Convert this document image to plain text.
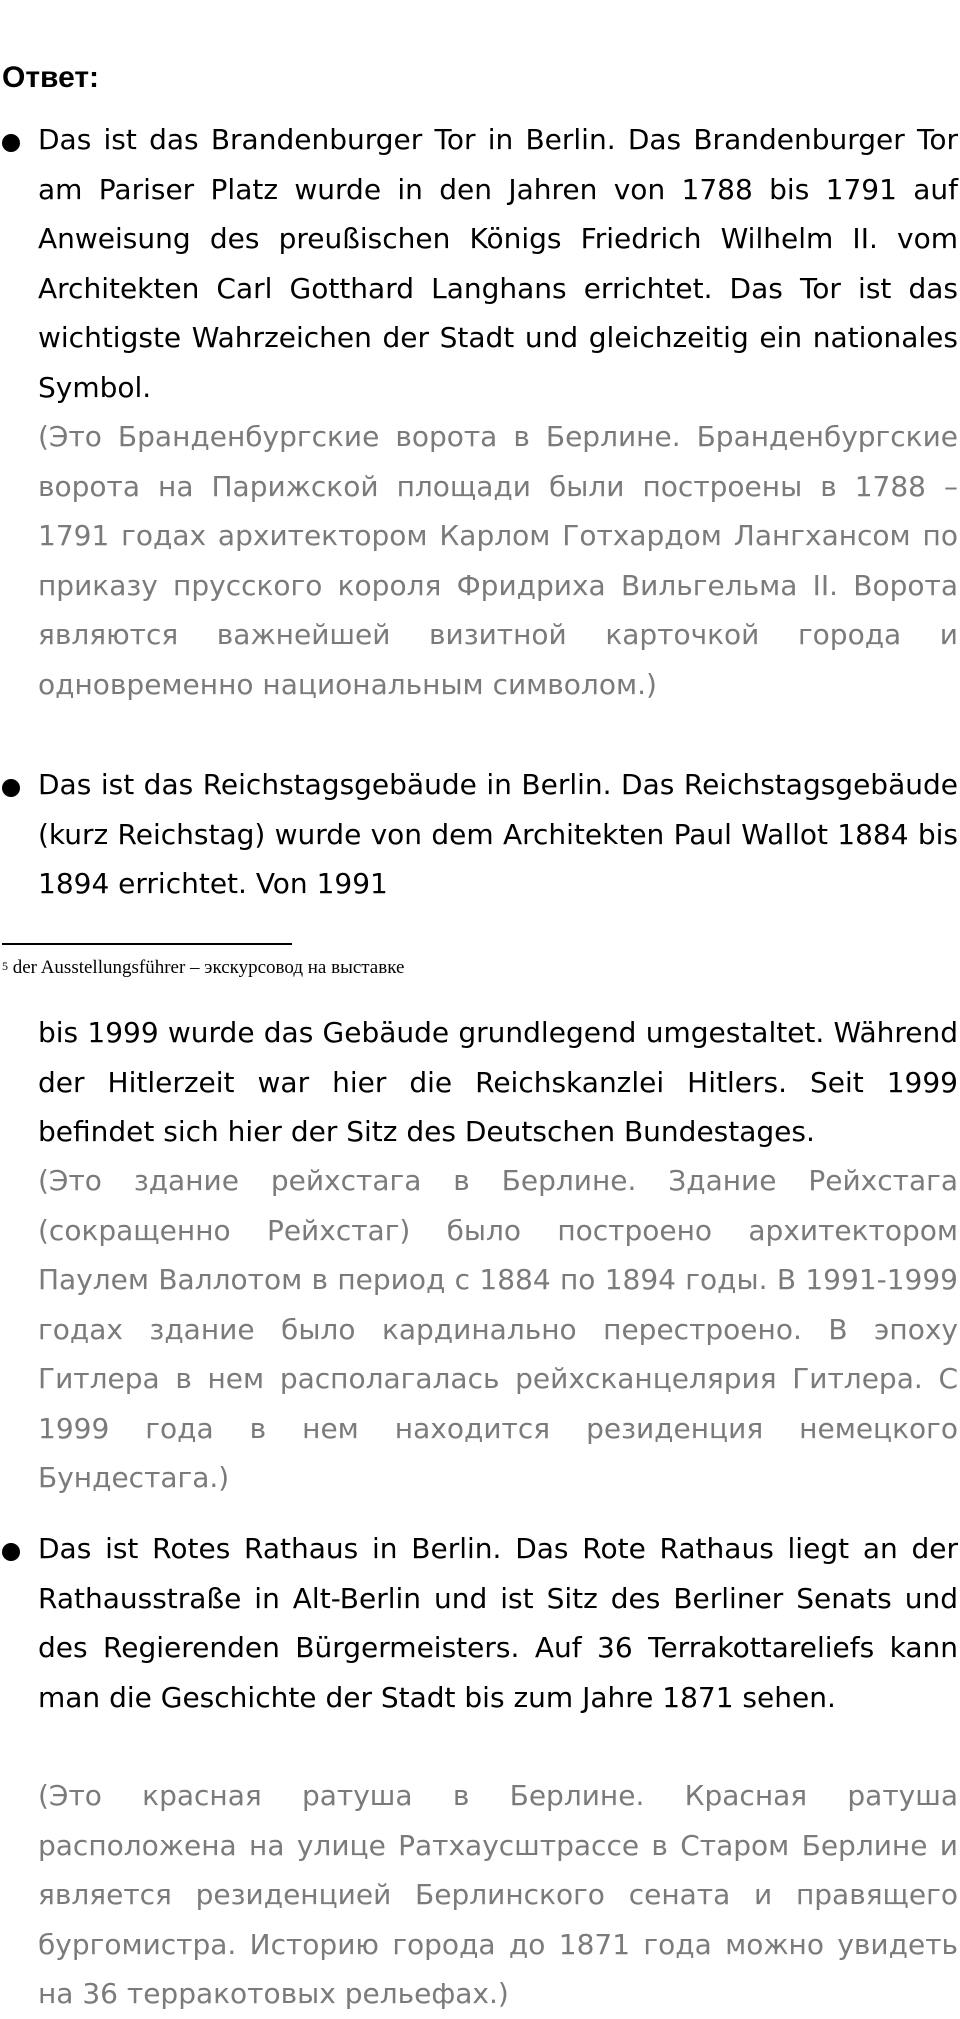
Ответ:
Das ist das Brandenburger Tor in Berlin. Das Brandenburger Tor am Pariser Platz wurde in den Jahren von 1788 bis 1791 auf Anweisung des preußischen Königs Friedrich Wilhelm II. vom Architekten Carl Gotthard Langhans errichtet. Das Tor ist das wichtigste Wahrzeichen der Stadt und gleichzeitig ein nationales Symbol.
(Это Бранденбургские ворота в Берлине. Бранденбургские ворота на Парижской площади были построены в 1788 – 1791 годах архитектором Карлом Готхардом Лангхансом по приказу прусского короля Фридриха Вильгельма II. Ворота являются важнейшей визитной карточкой города и одновременно национальным символом.)
Das ist das Reichstagsgebäude in Berlin. Das Reichstagsgebäude (kurz Reichstag) wurde von dem Architekten Paul Wallot 1884 bis 1894 errichtet. Von 1991
$^5$ der Ausstellungsführer – экскурсовод на выставке
bis 1999 wurde das Gebäude grundlegend umgestaltet. Während der Hitlerzeit war hier die Reichskanzlei Hitlers. Seit 1999 befindet sich hier der Sitz des Deutschen Bundestages.
(Это здание рейхстага в Берлине. Здание Рейхстага (сокращенно Рейхстаг) было построено архитектором Паулем Валлотом в период с 1884 по 1894 годы. В 1991-1999 годах здание было кардинально перестроено. В эпоху Гитлера в нем располагалась рейхсканцелярия Гитлера. С 1999 года в нем находится резиденция немецкого Бундестага.)
Das ist Rotes Rathaus in Berlin. Das Rote Rathaus liegt an der Rathausstraße in Alt-Berlin und ist Sitz des Berliner Senats und des Regierenden Bürgermeisters. Auf 36 Terrakottareliefs kann man die Geschichte der Stadt bis zum Jahre 1871 sehen.
(Это красная ратуша в Берлине. Красная ратуша расположена на улице Ратхаусштрассе в Старом Берлине и является резиденцией Берлинского сената и правящего бургомистра. Историю города до 1871 года можно увидеть на 36 терракотовых рельефах.)
